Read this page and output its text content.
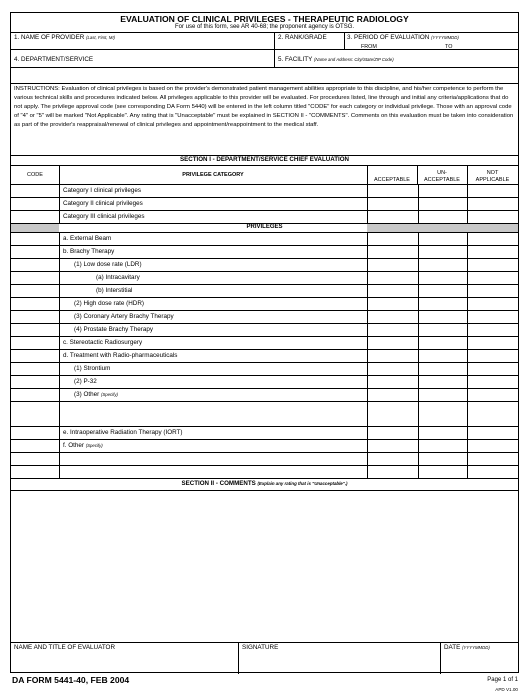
EVALUATION OF CLINICAL PRIVILEGES - THERAPEUTIC RADIOLOGY
For use of this form, see AR 40-68; the proponent agency is OTSG.
1. NAME OF PROVIDER (Last, First, MI)	2. RANK/GRADE	3. PERIOD OF EVALUATION (YYYYMMDD)
FROM	TO
4. DEPARTMENT/SERVICE	5. FACILITY (Name and Address: City/State/ZIP Code)
INSTRUCTIONS: Evaluation of clinical privileges is based on the provider's demonstrated patient management abilities appropriate to this discipline, and his/her competence to perform the various technical skills and procedures indicated below. All privileges applicable to this provider will be evaluated. For procedures listed, line through and initial any criteria/applications that do not apply. The privilege approval code (see corresponding DA Form 5440) will be entered in the left column titled "CODE" for each category or individual privilege. Those with an approval code of "4" or "5" will be marked "Not Applicable". Any rating that is "Unacceptable" must be explained in SECTION II - "COMMENTS". Comments on this evaluation must be taken into consideration as part of the provider's reappraisal/renewal of clinical privileges and appointment/reappointment to the medical staff.
SECTION I - DEPARTMENT/SERVICE CHIEF EVALUATION
CODE	PRIVILEGE CATEGORY
ACCEPTABLE
UN-
ACCEPTABLE
NOT
APPLICABLE
Category I clinical privileges
Category II clinical privileges
Category III clinical privileges
PRIVILEGES
a. External Beam
b. Brachy Therapy
(1) Low dose rate (LDR)
(a) Intracavitary
(b) Interstitial
(2) High dose rate (HDR)
(3) Coronary Artery Brachy Therapy
(4) Prostate Brachy Therapy
c. Stereotactic Radiosurgery
d. Treatment with Radio-pharmaceuticals
(1) Strontium
(2) P-32
(3) Other (Specify)
e. Intraoperative Radiation Therapy (IORT)
f. Other (Specify)
SECTION II - COMMENTS (Explain any rating that is "Unacceptable".)
NAME AND TITLE OF EVALUATOR	SIGNATURE	DATE (YYYYMMDD)
DA FORM 5441-40, FEB 2004	Page 1 of 1
APD V1.00
